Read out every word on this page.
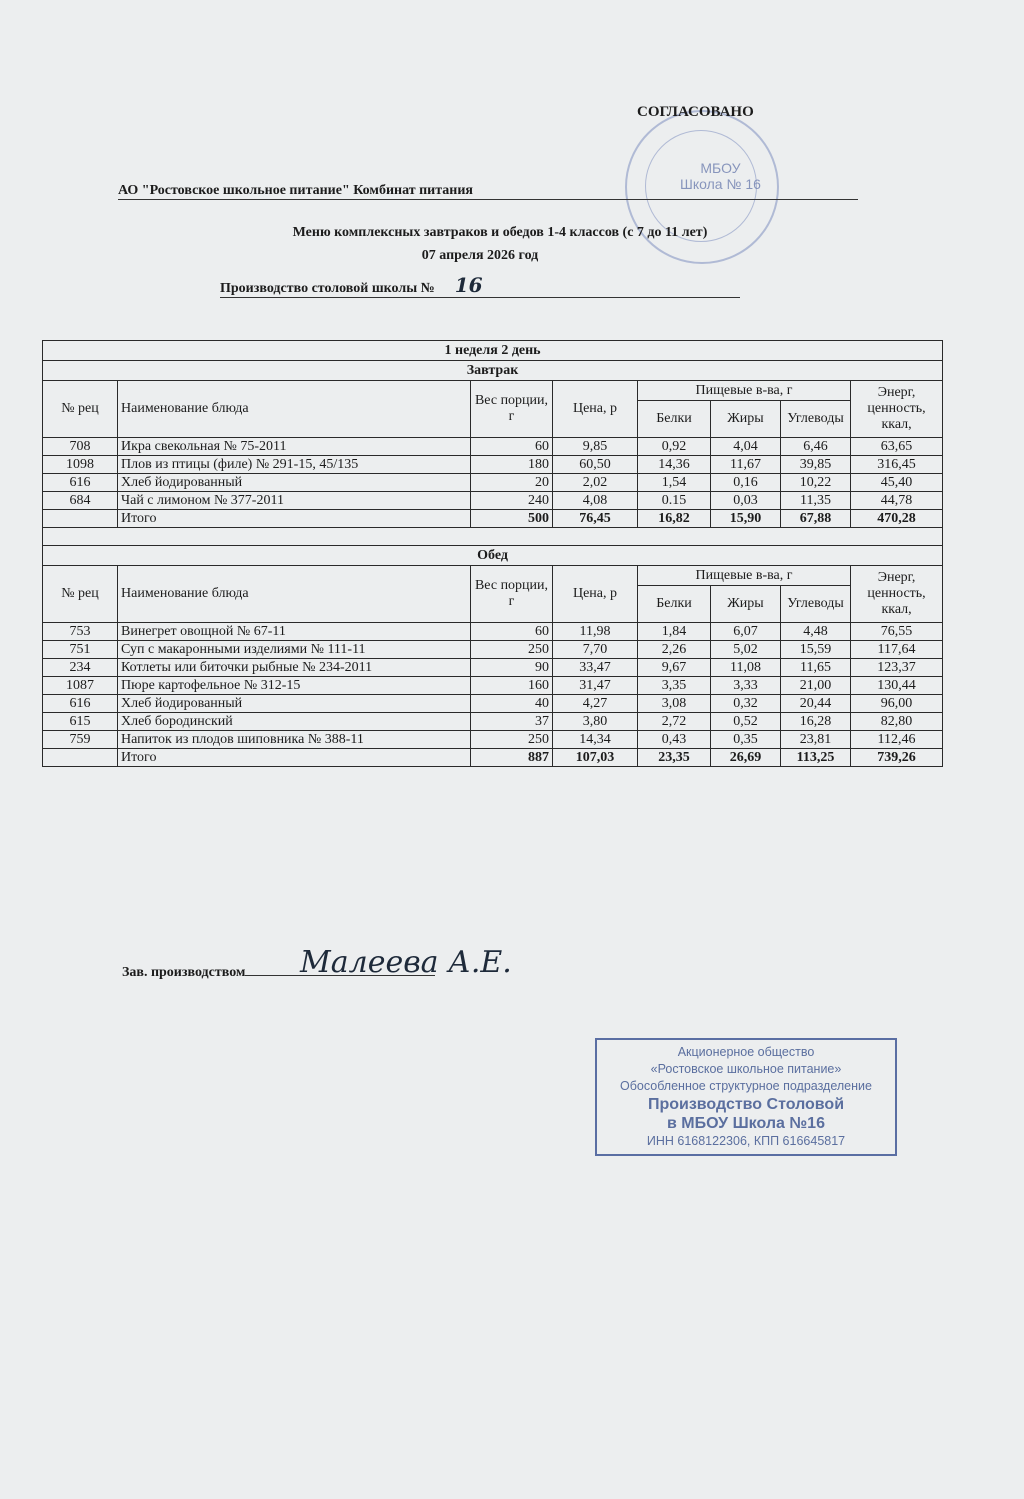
МБОУ
Школа № 16
СОГЛАСОВАНО
АО "Ростовское школьное питание" Комбинат питания
Меню комплексных завтраков и обедов 1-4 классов (с 7 до 11 лет)
07 апреля 2026 год
Производство столовой школы № 16
1 неделя 2 день							
Завтрак							
№ рец	Наименование блюда	Вес порции, г	Цена, р	Пищевые в-ва, г			Энерг, ценность, ккал,
				Белки	Жиры	Углеводы	
708	Икра свекольная № 75-2011	60	9,85	0,92	4,04	6,46	63,65
1098	Плов из птицы (филе) № 291-15, 45/135	180	60,50	14,36	11,67	39,85	316,45
616	Хлеб йодированный	20	2,02	1,54	0,16	10,22	45,40
684	Чай с лимоном № 377-2011	240	4,08	0.15	0,03	11,35	44,78
	Итого	500	76,45	16,82	15,90	67,88	470,28

Обед							
№ рец	Наименование блюда	Вес порции, г	Цена, р	Пищевые в-ва, г			Энерг, ценность, ккал,
				Белки	Жиры	Углеводы	
753	Винегрет овощной № 67-11	60	11,98	1,84	6,07	4,48	76,55
751	Суп с макаронными изделиями № 111-11	250	7,70	2,26	5,02	15,59	117,64
234	Котлеты или биточки рыбные № 234-2011	90	33,47	9,67	11,08	11,65	123,37
1087	Пюре картофельное № 312-15	160	31,47	3,35	3,33	21,00	130,44
616	Хлеб йодированный	40	4,27	3,08	0,32	20,44	96,00
615	Хлеб бородинский	37	3,80	2,72	0,52	16,28	82,80
759	Напиток из плодов шиповника № 388-11	250	14,34	0,43	0,35	23,81	112,46
	Итого	887	107,03	23,35	26,69	113,25	739,26
Зав. производством	Малеева А.Е.
Акционерное общество
«Ростовское школьное питание»
Обособленное структурное подразделение
Производство Столовой
в МБОУ Школа №16
ИНН 6168122306, КПП 616645817
